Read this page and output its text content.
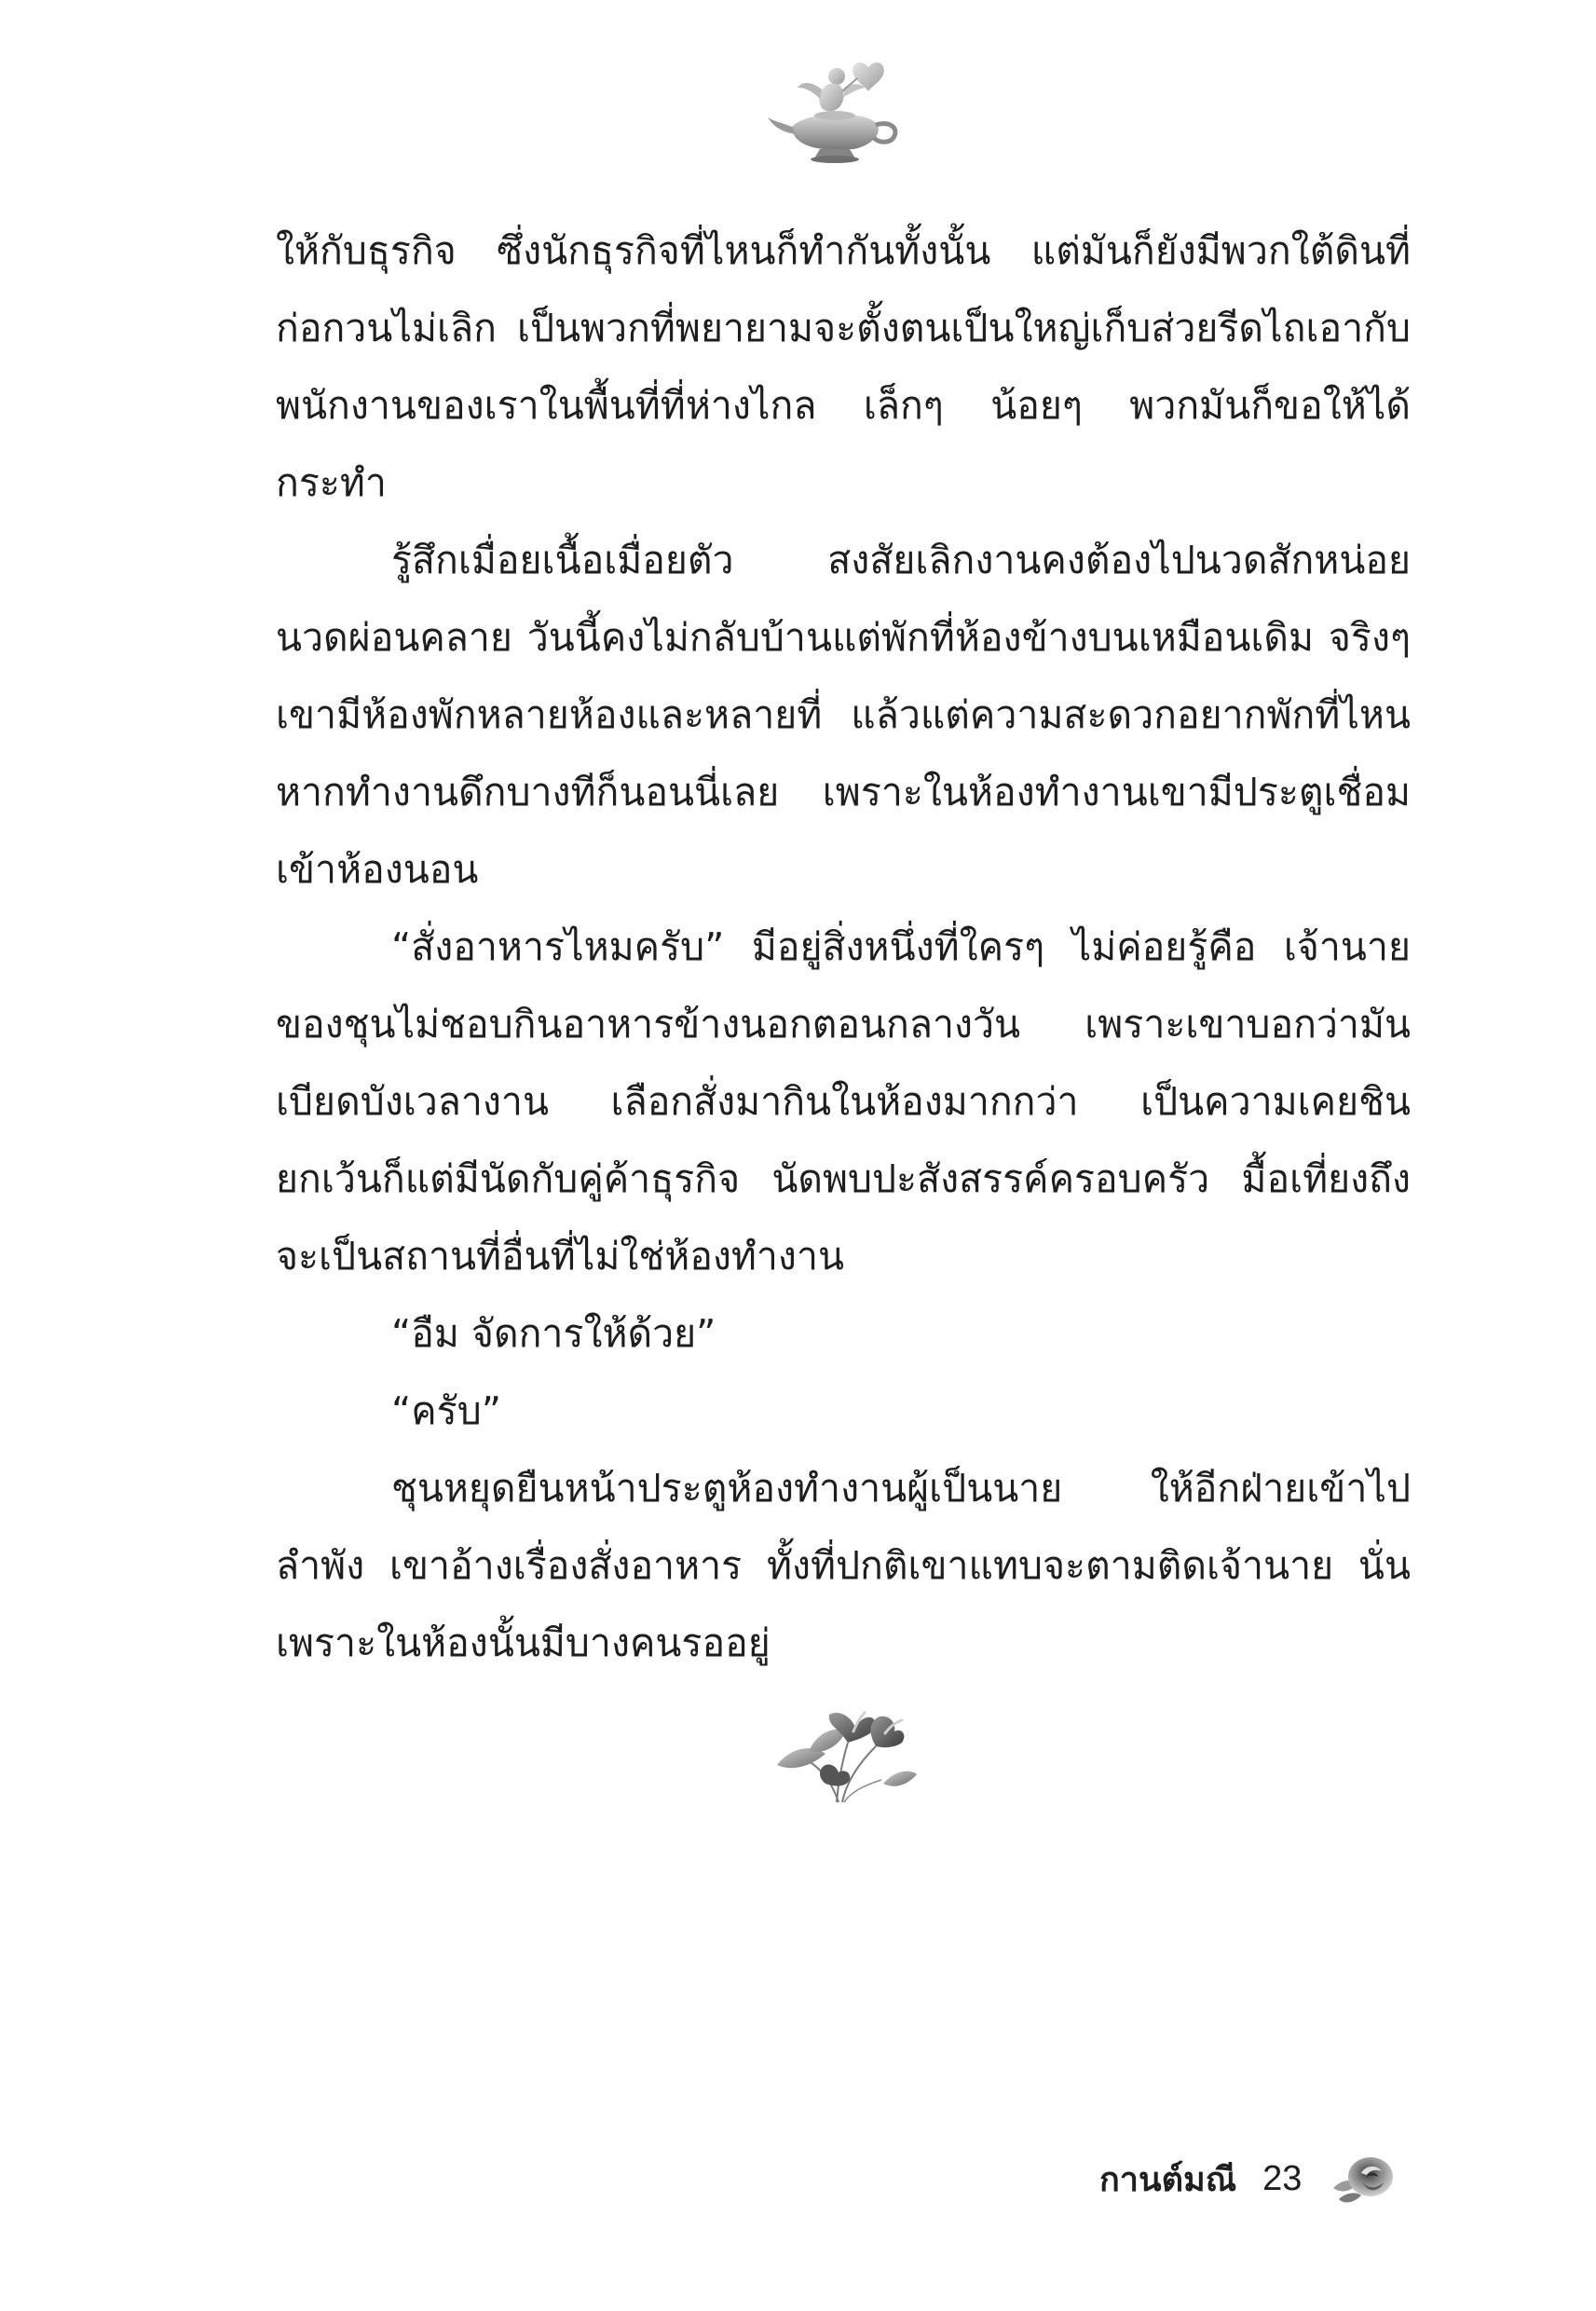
ให้กับธุรกิจ ซึ่งนักธุรกิจที่ไหนก็ทำกันทั้งนั้น แต่มันก็ยังมีพวกใต้ดินที่ก่อกวนไม่เลิก เป็นพวกที่พยายามจะตั้งตนเป็นใหญ่เก็บส่วยรีดไถเอากับพนักงานของเราในพื้นที่ที่ห่างไกล เล็กๆ น้อยๆ พวกมันก็ขอให้ได้กระทำ

รู้สึกเมื่อยเนื้อเมื่อยตัว สงสัยเลิกงานคงต้องไปนวดสักหน่อย นวดผ่อนคลาย วันนี้คงไม่กลับบ้านแต่พักที่ห้องข้างบนเหมือนเดิม จริงๆ เขามีห้องพักหลายห้องและหลายที่ แล้วแต่ความสะดวกอยากพักที่ไหน หากทำงานดึกบางทีก็นอนนี่เลย เพราะในห้องทำงานเขามีประตูเชื่อมเข้าห้องนอน

“สั่งอาหารไหมครับ” มีอยู่สิ่งหนึ่งที่ใครๆ ไม่ค่อยรู้คือ เจ้านายของชุนไม่ชอบกินอาหารข้างนอกตอนกลางวัน เพราะเขาบอกว่ามันเบียดบังเวลางาน เลือกสั่งมากินในห้องมากกว่า เป็นความเคยชิน ยกเว้นก็แต่มีนัดกับคู่ค้าธุรกิจ นัดพบปะสังสรรค์ครอบครัว มื้อเที่ยงถึงจะเป็นสถานที่อื่นที่ไม่ใช่ห้องทำงาน

“อืม จัดการให้ด้วย”

“ครับ”

ชุนหยุดยืนหน้าประตูห้องทำงานผู้เป็นนาย ให้อีกฝ่ายเข้าไปลำพัง เขาอ้างเรื่องสั่งอาหาร ทั้งที่ปกติเขาแทบจะตามติดเจ้านาย นั่นเพราะในห้องนั้นมีบางคนรออยู่

กานต์มณี 23
